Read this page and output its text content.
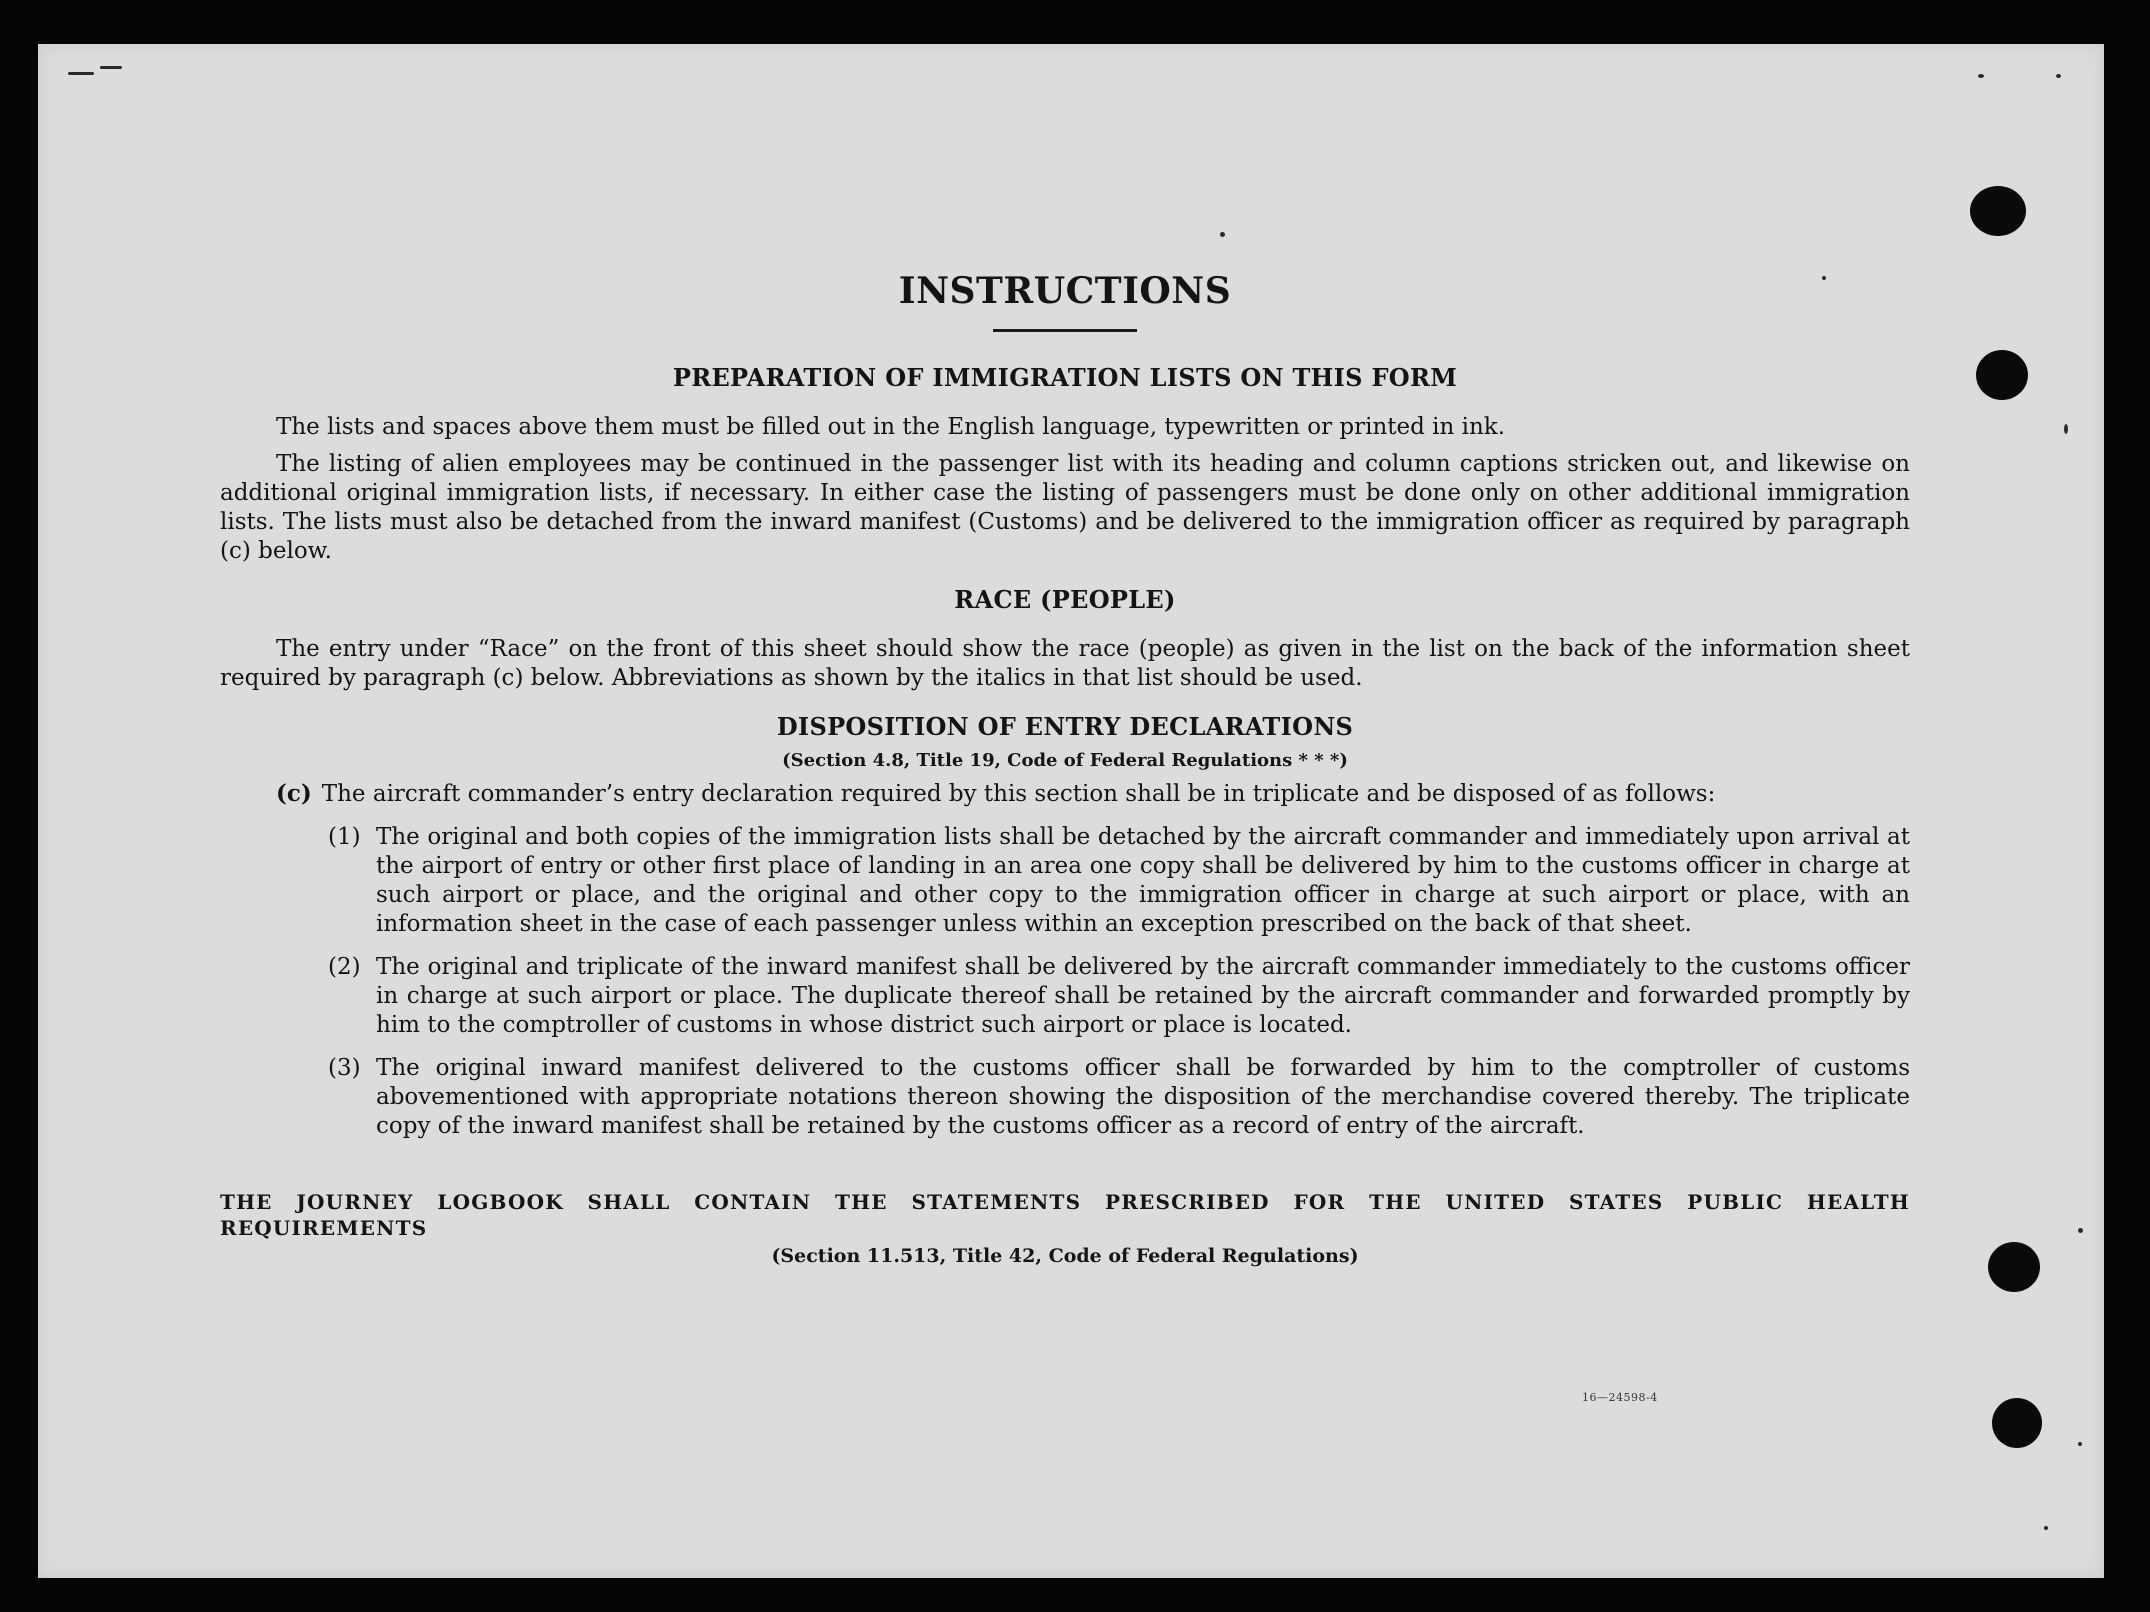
16—24598-4
INSTRUCTIONS
PREPARATION OF IMMIGRATION LISTS ON THIS FORM

The lists and spaces above them must be filled out in the English language, typewritten or printed in ink.

The listing of alien employees may be continued in the passenger list with its heading and column captions stricken out, and likewise on additional original immigration lists, if necessary. In either case the listing of passengers must be done only on other additional immigration lists. The lists must also be detached from the inward manifest (Customs) and be delivered to the immigration officer as required by paragraph (c) below.

RACE (PEOPLE)

The entry under “Race” on the front of this sheet should show the race (people) as given in the list on the back of the information sheet required by paragraph (c) below. Abbreviations as shown by the italics in that list should be used.

DISPOSITION OF ENTRY DECLARATIONS
(Section 4.8, Title 19, Code of Federal Regulations * * *)
(c) The aircraft commander’s entry declaration required by this section shall be in triplicate and be disposed of as follows:
(1) The original and both copies of the immigration lists shall be detached by the aircraft commander and immediately upon arrival at the airport of entry or other first place of landing in an area one copy shall be delivered by him to the customs officer in charge at such airport or place, and the original and other copy to the immigration officer in charge at such airport or place, with an information sheet in the case of each passenger unless within an exception prescribed on the back of that sheet.
(2) The original and triplicate of the inward manifest shall be delivered by the aircraft commander immediately to the customs officer in charge at such airport or place. The duplicate thereof shall be retained by the aircraft commander and forwarded promptly by him to the comptroller of customs in whose district such airport or place is located.
(3) The original inward manifest delivered to the customs officer shall be forwarded by him to the comptroller of customs abovementioned with appropriate notations thereon showing the disposition of the merchandise covered thereby. The triplicate copy of the inward manifest shall be retained by the customs officer as a record of entry of the aircraft.
THE JOURNEY LOGBOOK SHALL CONTAIN THE STATEMENTS PRESCRIBED FOR THE UNITED STATES PUBLIC HEALTH REQUIREMENTS
(Section 11.513, Title 42, Code of Federal Regulations)
